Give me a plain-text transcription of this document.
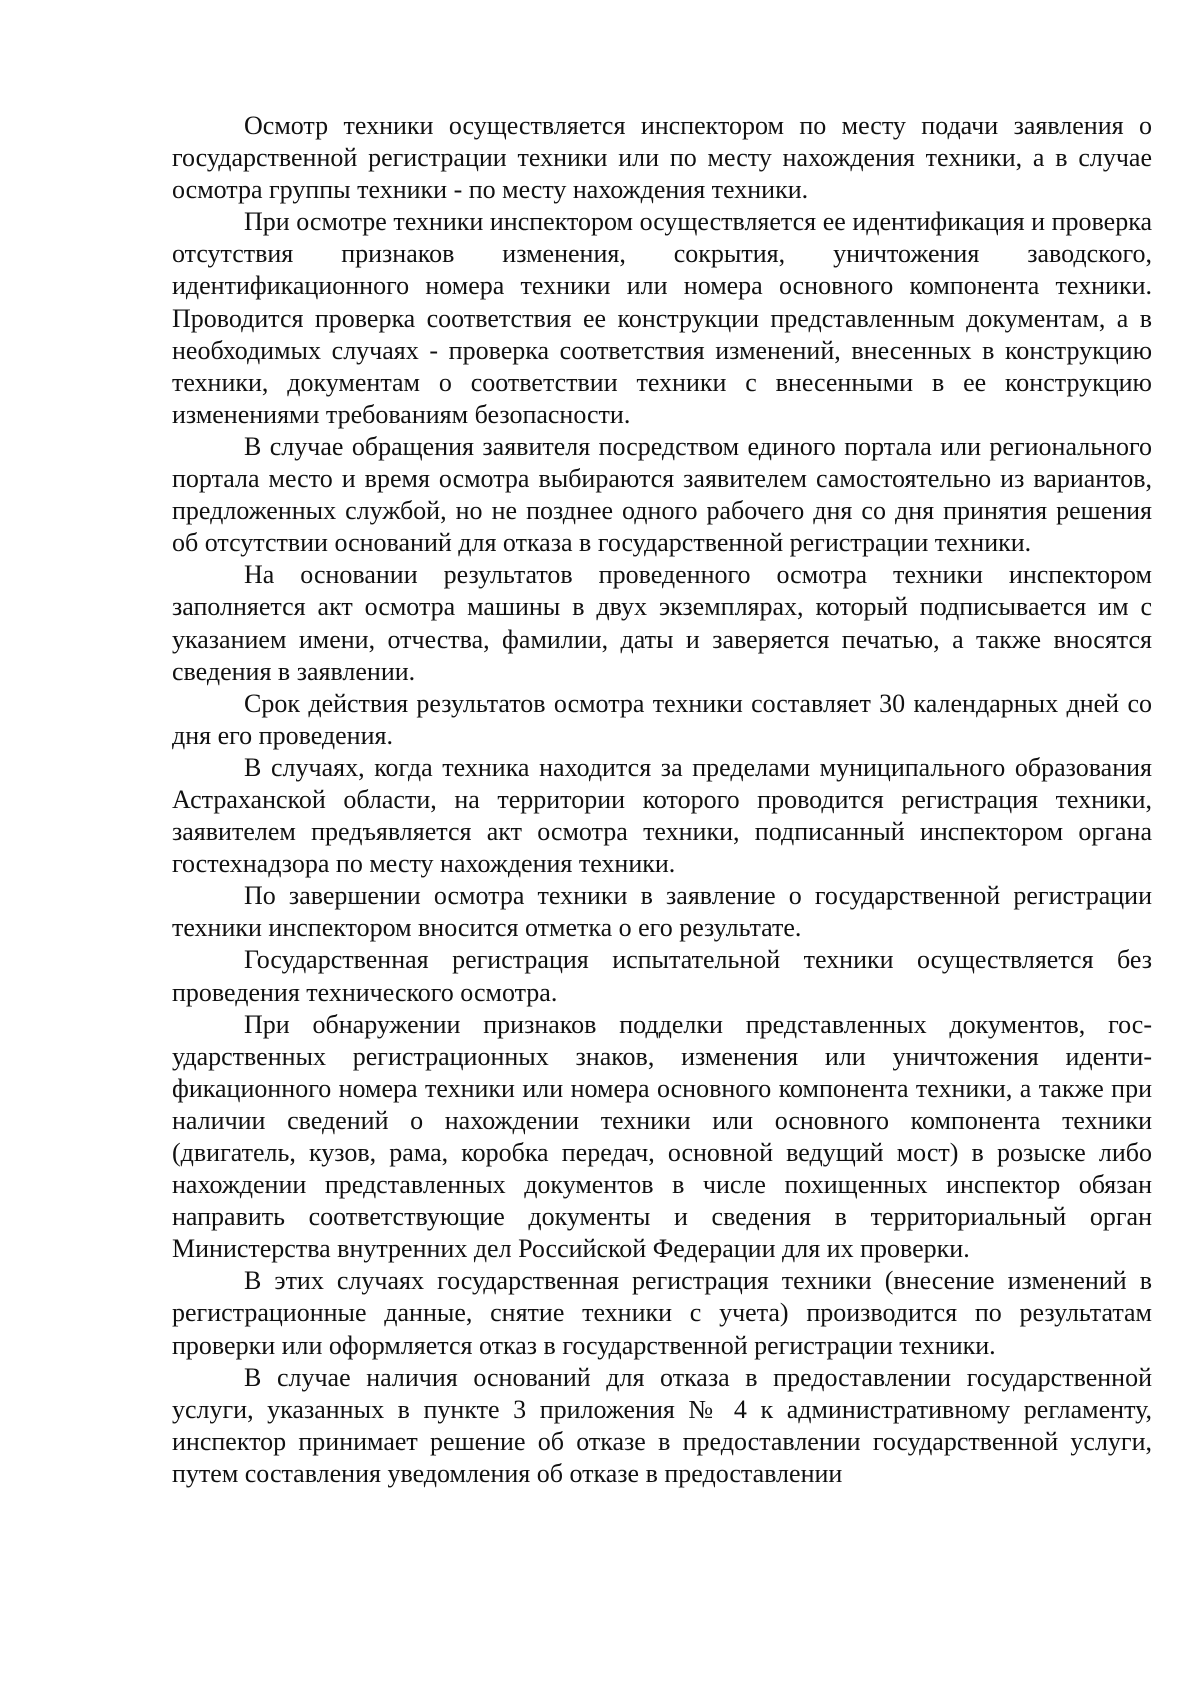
Осмотр техники осуществляется инспектором по месту подачи заявления о государственной регистрации техники или по месту нахождения техники, а в случае осмотра группы техники - по месту нахождения техники.

При осмотре техники инспектором осуществляется ее идентификация и проверка отсутствия признаков изменения, сокрытия, уничтожения заводского, идентификационного номера техники или номера основного компонента техники. Проводится проверка соответствия ее конструкции представленным документам, а в необходимых случаях - проверка соответствия изменений, внесенных в конструкцию техники, документам о соответствии техники с внесенными в ее конструкцию изменениями требованиям безопасности.

В случае обращения заявителя посредством единого портала или регионального портала место и время осмотра выбираются заявителем самостоятельно из вариантов, предложенных службой, но не позднее одного рабочего дня со дня принятия решения об отсутствии оснований для отказа в государственной регистрации техники.

На основании результатов проведенного осмотра техники инспектором заполняется акт осмотра машины в двух экземплярах, который подписывается им с указанием имени, отчества, фамилии, даты и заверяется печатью, а также вносятся сведения в заявлении.

Срок действия результатов осмотра техники составляет 30 календарных дней со дня его проведения.

В случаях, когда техника находится за пределами муниципального образования Астраханской области, на территории которого проводится регистрация техники, заявителем предъявляется акт осмотра техники, подписанный инспектором органа гостехнадзора по месту нахождения техники.

По завершении осмотра техники в заявление о государственной регистрации техники инспектором вносится отметка о его результате.

Государственная регистрация испытательной техники осуществляется без проведения технического осмотра.

При обнаружении признаков подделки представленных документов, государственных регистрационных знаков, изменения или уничтожения идентификационного номера техники или номера основного компонента техники, а также при наличии сведений о нахождении техники или основного компонента техники (двигатель, кузов, рама, коробка передач, основной ведущий мост) в розыске либо нахождении представленных документов в числе похищенных инспектор обязан направить соответствующие документы и сведения в территориальный орган Министерства внутренних дел Российской Федерации для их проверки.

В этих случаях государственная регистрация техники (внесение изменений в регистрационные данные, снятие техники с учета) производится по результатам проверки или оформляется отказ в государственной регистрации техники.

В случае наличия оснований для отказа в предоставлении государственной услуги, указанных в пункте 3 приложения № 4 к административному регламенту, инспектор принимает решение об отказе в предоставлении государственной услуги, путем составления уведомления об отказе в предоставлении
